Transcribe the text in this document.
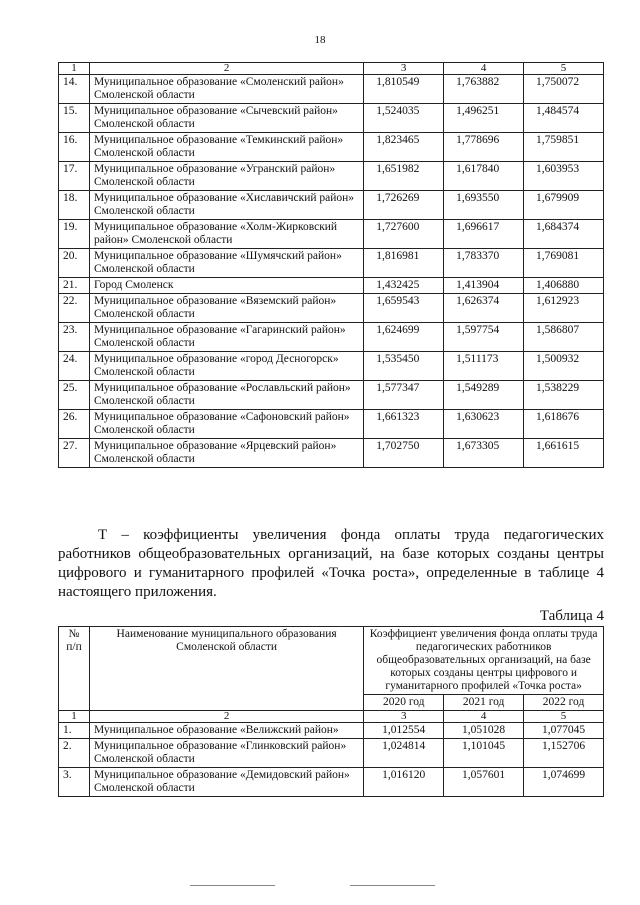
18
1	2	3	4	5
14.	Муниципальное образование «Смоленский район» Смоленской области	1,810549	1,763882	1,750072
15.	Муниципальное образование «Сычевский район» Смоленской области	1,524035	1,496251	1,484574
16.	Муниципальное образование «Темкинский район» Смоленской области	1,823465	1,778696	1,759851
17.	Муниципальное образование «Угранский район» Смоленской области	1,651982	1,617840	1,603953
18.	Муниципальное образование «Хиславичский район» Смоленской области	1,726269	1,693550	1,679909
19.	Муниципальное образование «Холм-Жирковский район» Смоленской области	1,727600	1,696617	1,684374
20.	Муниципальное образование «Шумячский район» Смоленской области	1,816981	1,783370	1,769081
21.	Город Смоленск	1,432425	1,413904	1,406880
22.	Муниципальное образование «Вяземский район» Смоленской области	1,659543	1,626374	1,612923
23.	Муниципальное образование «Гагаринский район» Смоленской области	1,624699	1,597754	1,586807
24.	Муниципальное образование «город Десногорск» Смоленской области	1,535450	1,511173	1,500932
25.	Муниципальное образование «Рославльский район» Смоленской области	1,577347	1,549289	1,538229
26.	Муниципальное образование «Сафоновский район» Смоленской области	1,661323	1,630623	1,618676
27.	Муниципальное образование «Ярцевский район» Смоленской области	1,702750	1,673305	1,661615
Т – коэффициенты увеличения фонда оплаты труда педагогических работников общеобразовательных организаций, на базе которых созданы центры цифрового и гуманитарного профилей «Точка роста», определенные в таблице 4 настоящего приложения.
Таблица 4
№ п/п	Наименование муниципального образования Смоленской области	Коэффициент увеличения фонда оплаты труда педагогических работников общеобразовательных организаций, на базе которых созданы центры цифрового и гуманитарного профилей «Точка роста»		
		2020 год	2021 год	2022 год
1	2	3	4	5
1.	Муниципальное образование «Велижский район»	1,012554	1,051028	1,077045
2.	Муниципальное образование «Глинковский район» Смоленской области	1,024814	1,101045	1,152706
3.	Муниципальное образование «Демидовский район» Смоленской области	1,016120	1,057601	1,074699
